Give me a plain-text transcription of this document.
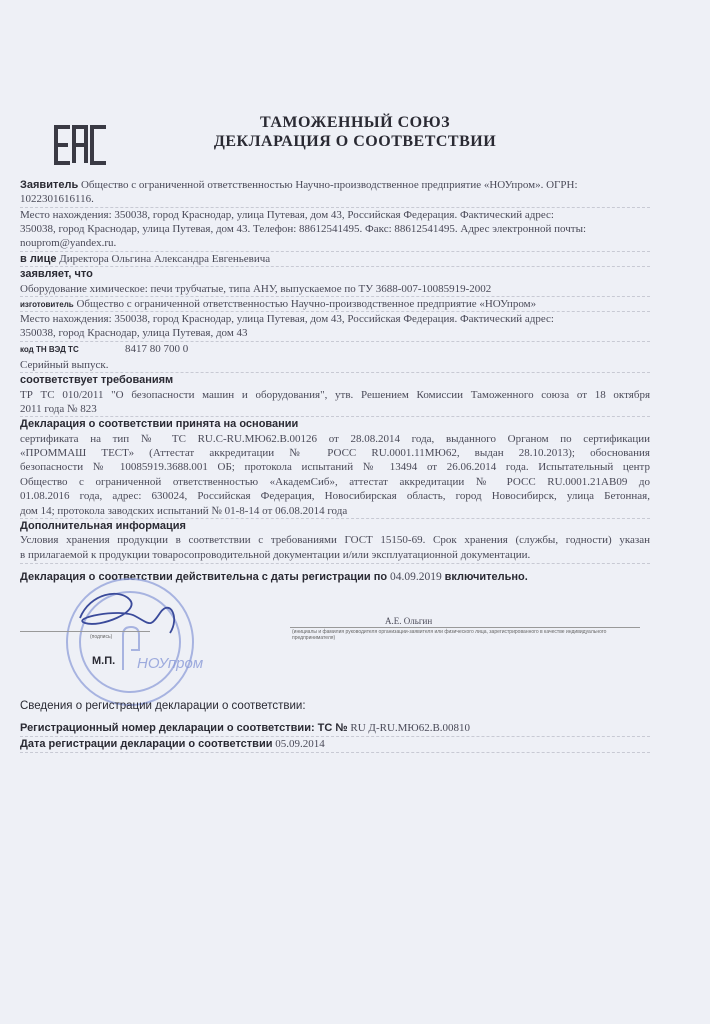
ТАМОЖЕННЫЙ СОЮЗ
ДЕКЛАРАЦИЯ О СООТВЕТСТВИИ
Заявитель Общество с ограниченной ответственностью Научно-производственное предприятие «НОУпром». ОГРН:
1022301616116.
Место нахождения: 350038, город Краснодар, улица Путевая, дом 43, Российская Федерация. Фактический адрес:
350038, город Краснодар, улица Путевая, дом 43. Телефон: 88612541495. Факс: 88612541495. Адрес электронной почты:
nouprom@yandex.ru.
в лице Директора Ольгина Александра Евгеньевича
заявляет, что
Оборудование химическое: печи трубчатые, типа АНУ, выпускаемое по ТУ 3688-007-10085919-2002
изготовитель Общество с ограниченной ответственностью Научно-производственное предприятие «НОУпром»
Место нахождения: 350038, город Краснодар, улица Путевая, дом 43, Российская Федерация. Фактический адрес:
350038, город Краснодар, улица Путевая, дом 43
код ТН ВЭД ТС	8417 80 700 0
Серийный выпуск.
соответствует требованиям
ТР ТС 010/2011 "О безопасности машин и оборудования", утв. Решением Комиссии Таможенного союза от 18 октября
2011 года № 823
Декларация о соответствии принята на основании
сертификата на тип № ТС RU.C-RU.МЮ62.В.00126 от 28.08.2014 года, выданного Органом по сертификации
«ПРОММАШ ТЕСТ» (Аттестат аккредитации № РОСС RU.0001.11МЮ62, выдан 28.10.2013); обоснования
безопасности № 10085919.3688.001 ОБ; протокола испытаний № 13494 от 26.06.2014 года. Испытательный центр
Общество с ограниченной ответственностью «АкадемСиб», аттестат аккредитации № РОСС RU.0001.21АВ09 до
01.08.2016 года, адрес: 630024, Российская Федерация, Новосибирская область, город Новосибирск, улица Бетонная,
дом 14; протокола заводских испытаний № 01-8-14 от 06.08.2014 года
Дополнительная информация
Условия хранения продукции в соответствии с требованиями ГОСТ 15150-69. Срок хранения (службы, годности) указан
в прилагаемой к продукции товаросопроводительной документации и/или эксплуатационной документации.
Декларация о соответствии действительна с даты регистрации по 04.09.2019 включительно.
НОУпром
(подпись)
А.Е. Ольгин
(инициалы и фамилия руководителя организации-заявителя или физического лица, зарегистрированного в качестве индивидуального предпринимателя)
М.П.
Сведения о регистрации декларации о соответствии:
Регистрационный номер декларации о соответствии: ТС № RU Д-RU.МЮ62.В.00810
Дата регистрации декларации о соответствии 05.09.2014
